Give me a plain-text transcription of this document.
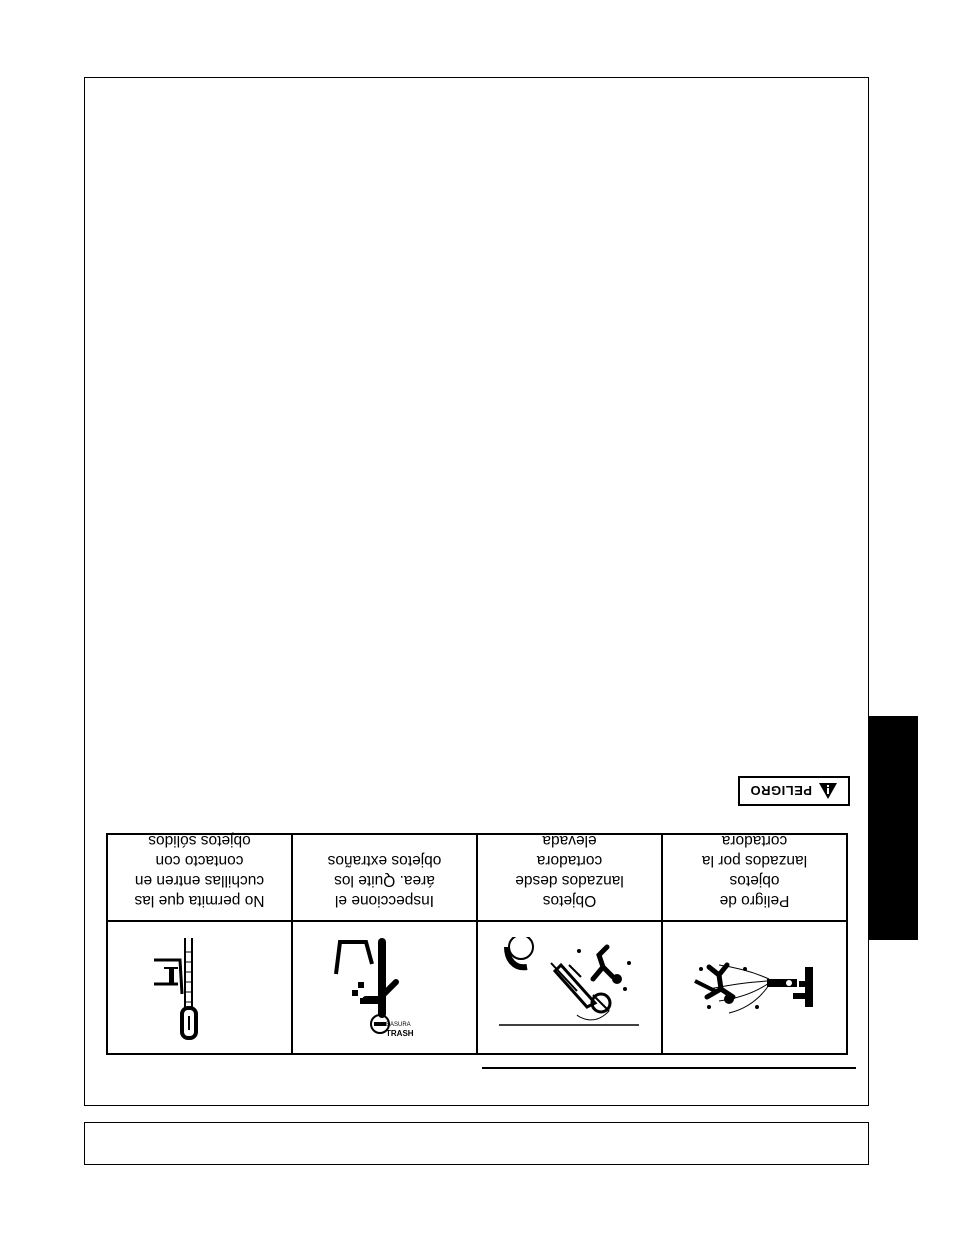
TRASH
BASURA
Peligro de
objetos
lanzados por la
cortadora
Objetos
lanzados desde
cortadora
elevada
Inspeccione el
área. Quite los
objetos extraños
No permita que las
cuchillas entren en
contacto con
objetos sólidos
PELIGRO
